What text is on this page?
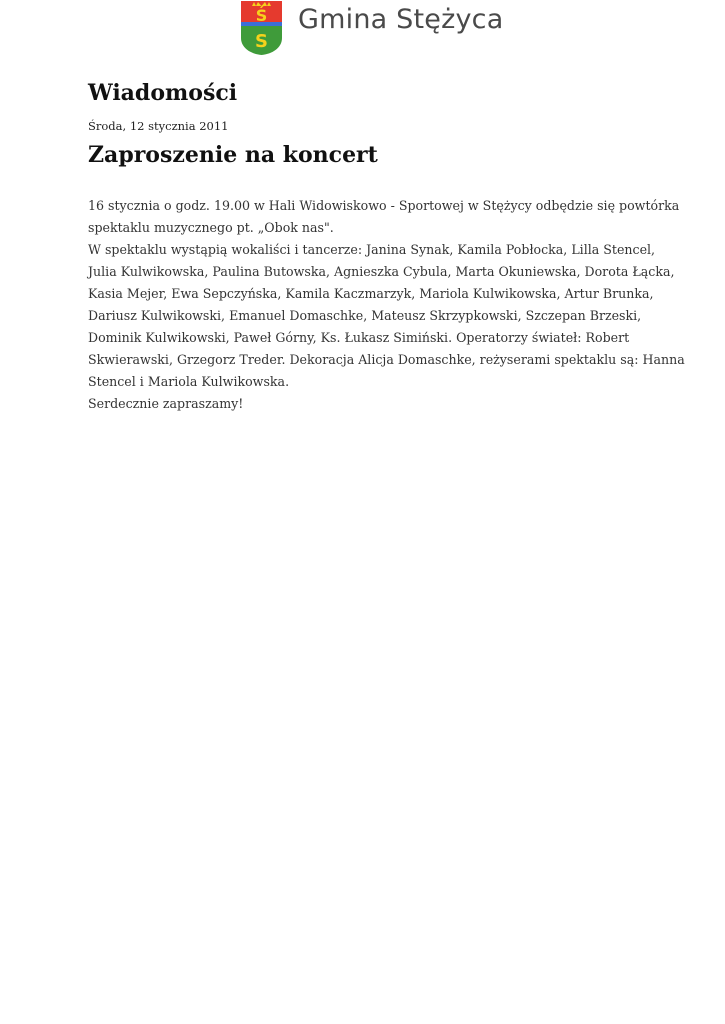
Ś
S
Gmina Stężyca
Wiadomości
Środa, 12 stycznia 2011
Zaproszenie na koncert

16 stycznia o godz. 19.00 w Hali Widowiskowo - Sportowej w Stężycy odbędzie się powtórka

spektaklu muzycznego pt. „Obok nas".

W spektaklu wystąpią wokaliści i tancerze: Janina Synak, Kamila Pobłocka, Lilla Stencel,

Julia Kulwikowska, Paulina Butowska, Agnieszka Cybula, Marta Okuniewska, Dorota Łącka,

Kasia Mejer, Ewa Sepczyńska, Kamila Kaczmarzyk, Mariola Kulwikowska, Artur Brunka,

Dariusz Kulwikowski, Emanuel Domaschke, Mateusz Skrzypkowski, Szczepan Brzeski,

Dominik Kulwikowski, Paweł Górny, Ks. Łukasz Simiński. Operatorzy świateł: Robert

Skwierawski, Grzegorz Treder. Dekoracja Alicja Domaschke, reżyserami spektaklu są: Hanna

Stencel i Mariola Kulwikowska.

Serdecznie zapraszamy!
